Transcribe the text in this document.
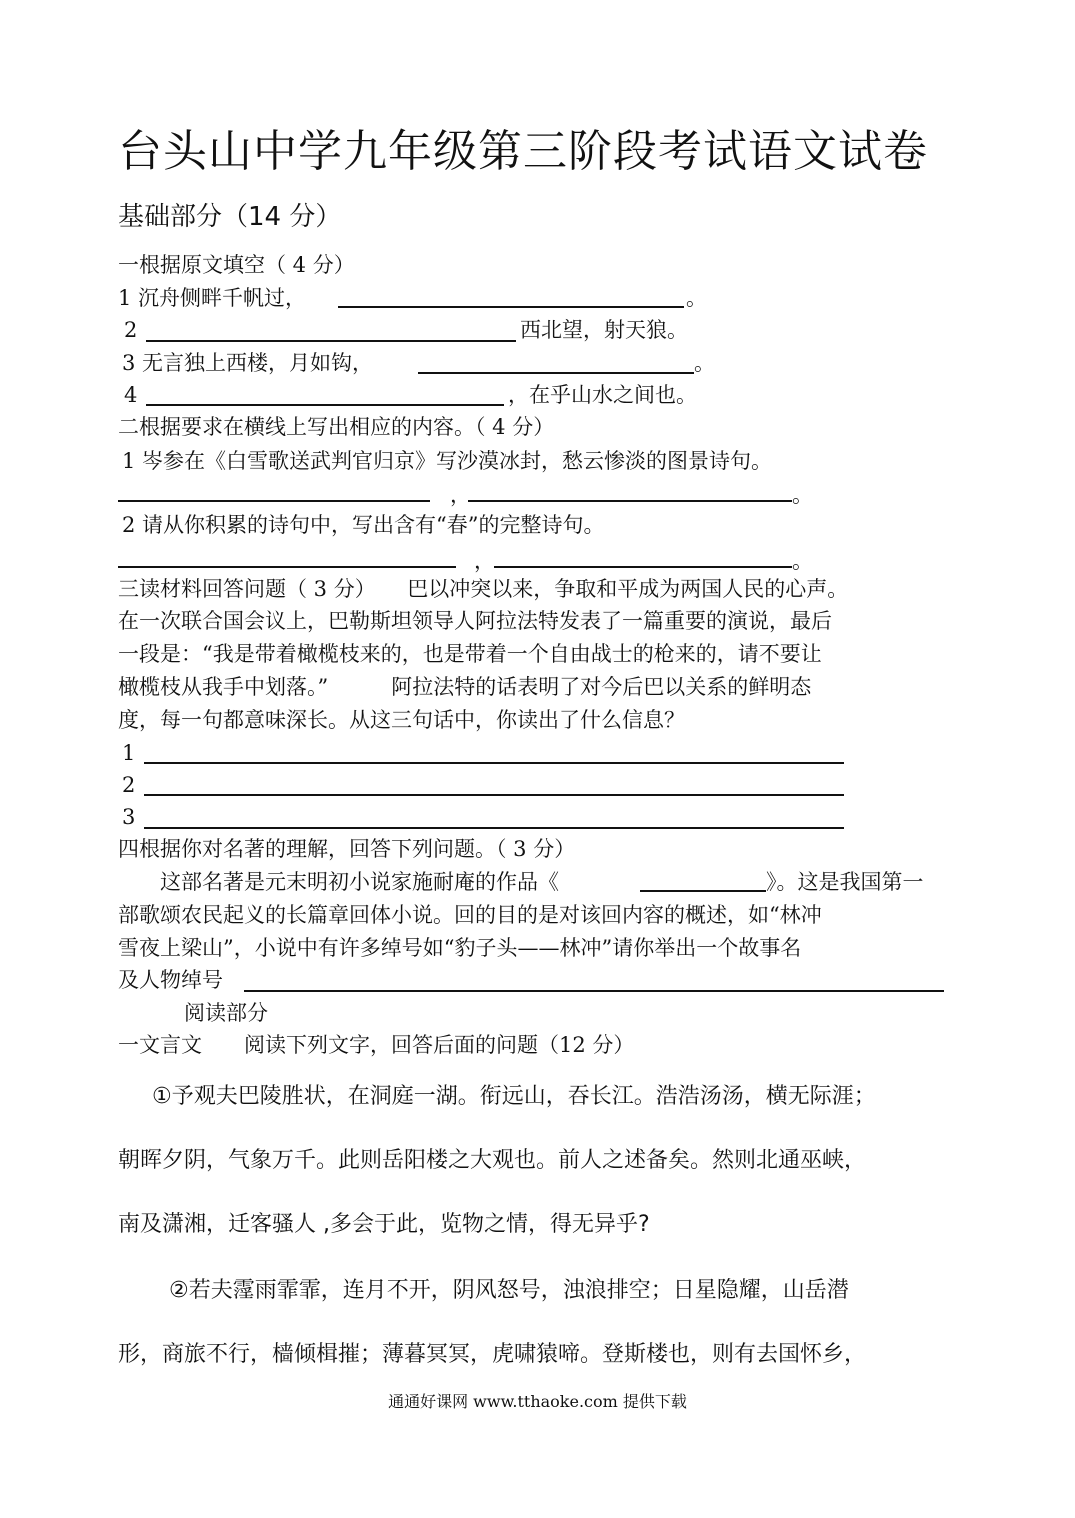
台头山中学九年级第三阶段考试语文试卷
基础部分（14 分）
一根据原文填空（ 4 分）
1 沉舟侧畔千帆过，	。
2	西北望，射天狼。
3 无言独上西楼，月如钩，	。
4	，在乎山水之间也。
二根据要求在横线上写出相应的内容。（ 4 分）
1 岑参在《白雪歌送武判官归京》写沙漠冰封，愁云惨淡的图景诗句。
，	。
2 请从你积累的诗句中，写出含有“春”的完整诗句。
，	。
三读材料回答问题（ 3 分）　　巴以冲突以来，争取和平成为两国人民的心声。
在一次联合国会议上，巴勒斯坦领导人阿拉法特发表了一篇重要的演说，最后
一段是：“我是带着橄榄枝来的，也是带着一个自由战士的枪来的，请不要让
橄榄枝从我手中划落。”　　　阿拉法特的话表明了对今后巴以关系的鲜明态
度，每一句都意味深长。从这三句话中，你读出了什么信息？
1
2
3
四根据你对名著的理解，回答下列问题。（ 3 分）
　　这部名著是元末明初小说家施耐庵的作品《	》。这是我国第一
部歌颂农民起义的长篇章回体小说。回的目的是对该回内容的概述，如“林冲
雪夜上梁山”，小说中有许多绰号如“豹子头——林冲”请你举出一个故事名
及人物绰号
阅读部分
一文言文　　阅读下列文字，回答后面的问题（12 分）
　①予观夫巴陵胜状，在洞庭一湖。衔远山，吞长江。浩浩汤汤，横无际涯；
朝晖夕阴，气象万千。此则岳阳楼之大观也。前人之述备矣。然则北通巫峡，
南及潇湘，迁客骚人 ,多会于此，览物之情，得无异乎?
　 ②若夫霪雨霏霏，连月不开，阴风怒号，浊浪排空；日星隐耀，山岳潜
形，商旅不行，樯倾楫摧；薄暮冥冥，虎啸猿啼。登斯楼也，则有去国怀乡，
通通好课网 www.tthaoke.com 提供下载
